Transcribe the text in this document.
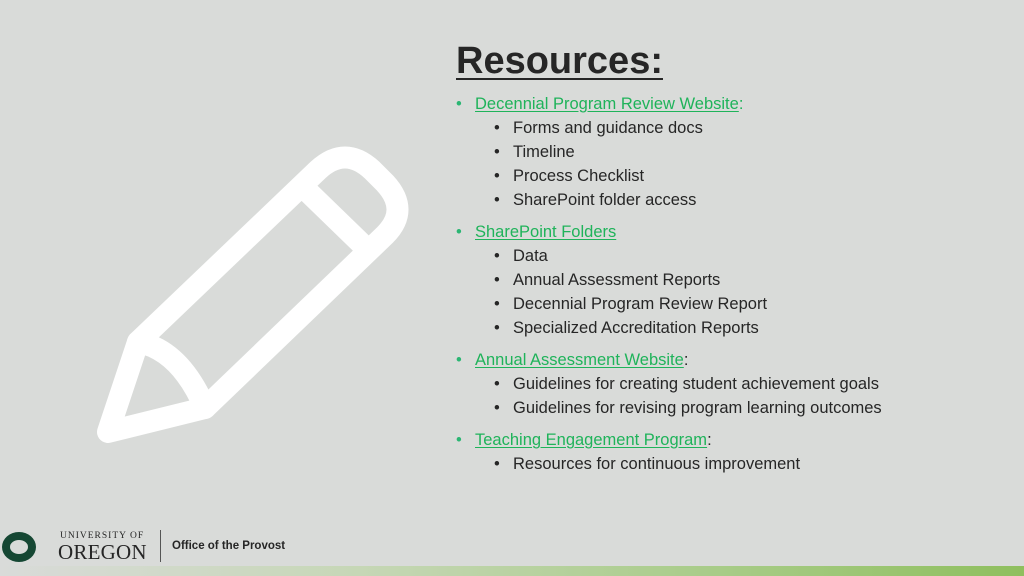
Resources:
• Decennial Program Review Website:
• Forms and guidance docs
• Timeline
• Process Checklist
• SharePoint folder access
• SharePoint Folders
• Data
• Annual Assessment Reports
• Decennial Program Review Report
• Specialized Accreditation Reports
• Annual Assessment Website:
• Guidelines for creating student achievement goals
• Guidelines for revising program learning outcomes
• Teaching Engagement Program:
• Resources for continuous improvement
UNIVERSITY OF
OREGON Office of the Provost
